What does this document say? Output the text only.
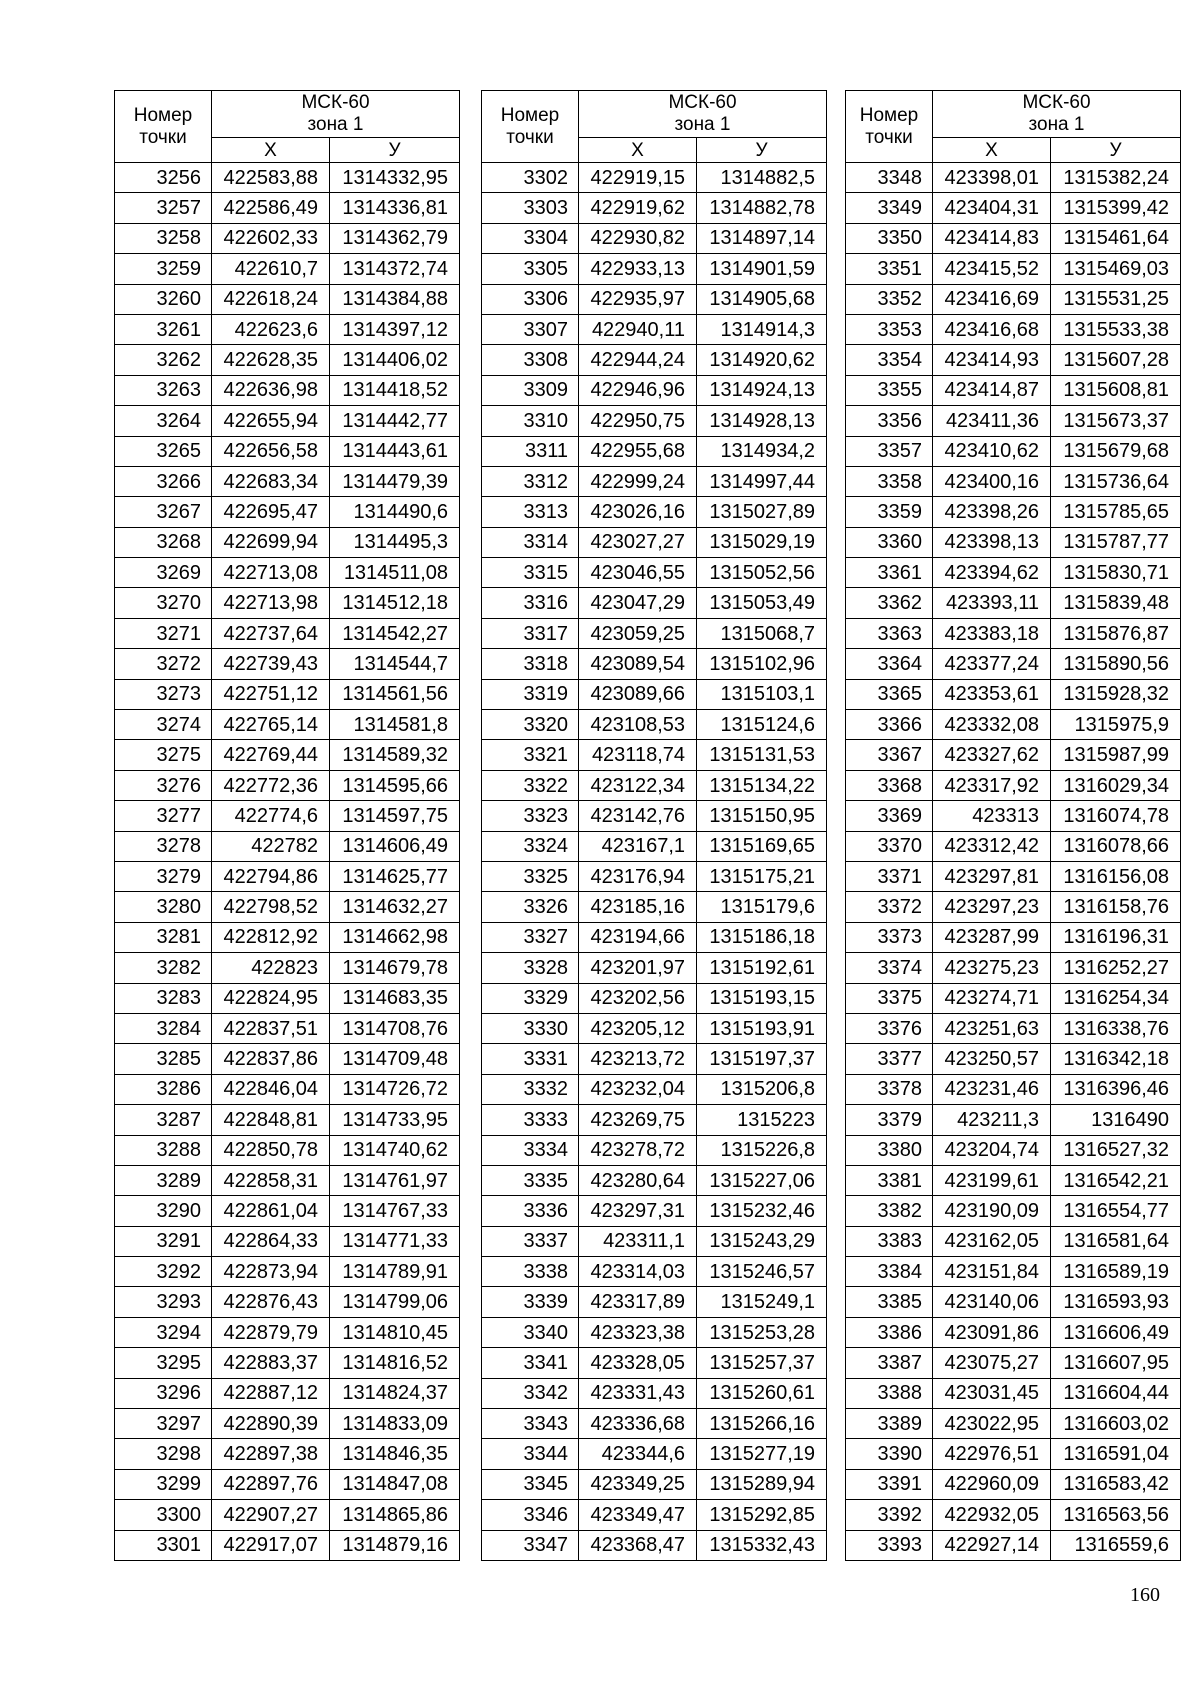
Номер
точки	МСК-60
зона 1	
	Х	У
3256	422583,88	1314332,95
3257	422586,49	1314336,81
3258	422602,33	1314362,79
3259	422610,7	1314372,74
3260	422618,24	1314384,88
3261	422623,6	1314397,12
3262	422628,35	1314406,02
3263	422636,98	1314418,52
3264	422655,94	1314442,77
3265	422656,58	1314443,61
3266	422683,34	1314479,39
3267	422695,47	1314490,6
3268	422699,94	1314495,3
3269	422713,08	1314511,08
3270	422713,98	1314512,18
3271	422737,64	1314542,27
3272	422739,43	1314544,7
3273	422751,12	1314561,56
3274	422765,14	1314581,8
3275	422769,44	1314589,32
3276	422772,36	1314595,66
3277	422774,6	1314597,75
3278	422782	1314606,49
3279	422794,86	1314625,77
3280	422798,52	1314632,27
3281	422812,92	1314662,98
3282	422823	1314679,78
3283	422824,95	1314683,35
3284	422837,51	1314708,76
3285	422837,86	1314709,48
3286	422846,04	1314726,72
3287	422848,81	1314733,95
3288	422850,78	1314740,62
3289	422858,31	1314761,97
3290	422861,04	1314767,33
3291	422864,33	1314771,33
3292	422873,94	1314789,91
3293	422876,43	1314799,06
3294	422879,79	1314810,45
3295	422883,37	1314816,52
3296	422887,12	1314824,37
3297	422890,39	1314833,09
3298	422897,38	1314846,35
3299	422897,76	1314847,08
3300	422907,27	1314865,86
3301	422917,07	1314879,16
Номер
точки	МСК-60
зона 1	
	Х	У
3302	422919,15	1314882,5
3303	422919,62	1314882,78
3304	422930,82	1314897,14
3305	422933,13	1314901,59
3306	422935,97	1314905,68
3307	422940,11	1314914,3
3308	422944,24	1314920,62
3309	422946,96	1314924,13
3310	422950,75	1314928,13
3311	422955,68	1314934,2
3312	422999,24	1314997,44
3313	423026,16	1315027,89
3314	423027,27	1315029,19
3315	423046,55	1315052,56
3316	423047,29	1315053,49
3317	423059,25	1315068,7
3318	423089,54	1315102,96
3319	423089,66	1315103,1
3320	423108,53	1315124,6
3321	423118,74	1315131,53
3322	423122,34	1315134,22
3323	423142,76	1315150,95
3324	423167,1	1315169,65
3325	423176,94	1315175,21
3326	423185,16	1315179,6
3327	423194,66	1315186,18
3328	423201,97	1315192,61
3329	423202,56	1315193,15
3330	423205,12	1315193,91
3331	423213,72	1315197,37
3332	423232,04	1315206,8
3333	423269,75	1315223
3334	423278,72	1315226,8
3335	423280,64	1315227,06
3336	423297,31	1315232,46
3337	423311,1	1315243,29
3338	423314,03	1315246,57
3339	423317,89	1315249,1
3340	423323,38	1315253,28
3341	423328,05	1315257,37
3342	423331,43	1315260,61
3343	423336,68	1315266,16
3344	423344,6	1315277,19
3345	423349,25	1315289,94
3346	423349,47	1315292,85
3347	423368,47	1315332,43
Номер
точки	МСК-60
зона 1	
	Х	У
3348	423398,01	1315382,24
3349	423404,31	1315399,42
3350	423414,83	1315461,64
3351	423415,52	1315469,03
3352	423416,69	1315531,25
3353	423416,68	1315533,38
3354	423414,93	1315607,28
3355	423414,87	1315608,81
3356	423411,36	1315673,37
3357	423410,62	1315679,68
3358	423400,16	1315736,64
3359	423398,26	1315785,65
3360	423398,13	1315787,77
3361	423394,62	1315830,71
3362	423393,11	1315839,48
3363	423383,18	1315876,87
3364	423377,24	1315890,56
3365	423353,61	1315928,32
3366	423332,08	1315975,9
3367	423327,62	1315987,99
3368	423317,92	1316029,34
3369	423313	1316074,78
3370	423312,42	1316078,66
3371	423297,81	1316156,08
3372	423297,23	1316158,76
3373	423287,99	1316196,31
3374	423275,23	1316252,27
3375	423274,71	1316254,34
3376	423251,63	1316338,76
3377	423250,57	1316342,18
3378	423231,46	1316396,46
3379	423211,3	1316490
3380	423204,74	1316527,32
3381	423199,61	1316542,21
3382	423190,09	1316554,77
3383	423162,05	1316581,64
3384	423151,84	1316589,19
3385	423140,06	1316593,93
3386	423091,86	1316606,49
3387	423075,27	1316607,95
3388	423031,45	1316604,44
3389	423022,95	1316603,02
3390	422976,51	1316591,04
3391	422960,09	1316583,42
3392	422932,05	1316563,56
3393	422927,14	1316559,6
160
